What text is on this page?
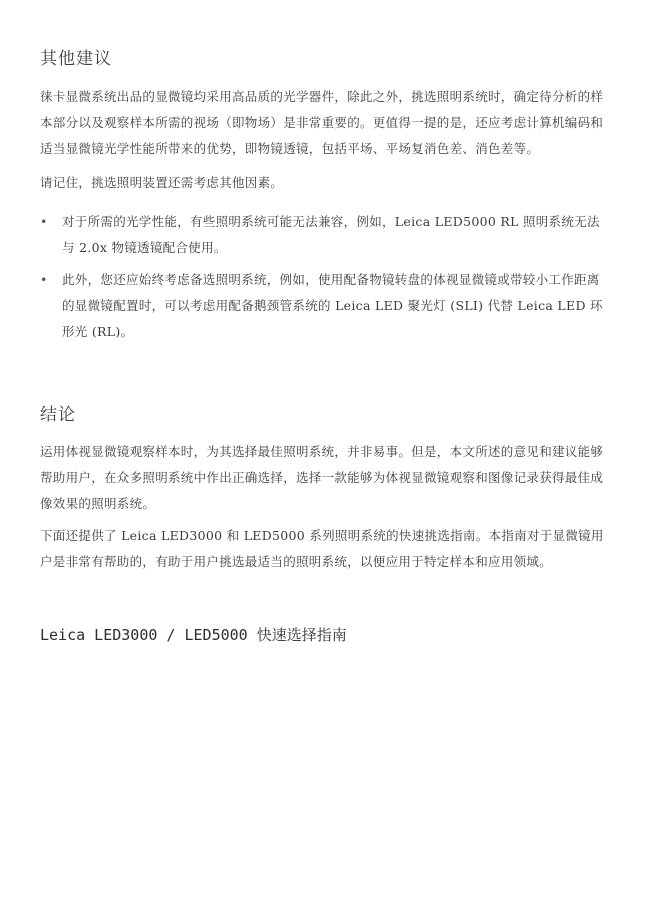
其他建议

徕卡显微系统出品的显微镜均采用高品质的光学器件，除此之外，挑选照明系统时，确定待分析的样本部分以及观察样本所需的视场（即物场）是非常重要的。更值得一提的是，还应考虑计算机编码和适当显微镜光学性能所带来的优势，即物镜透镜，包括平场、平场复消色差、消色差等。

请记住，挑选照明装置还需考虑其他因素。

• 对于所需的光学性能，有些照明系统可能无法兼容，例如，Leica LED5000 RL 照明系统无法与 2.0x 物镜透镜配合使用。
• 此外，您还应始终考虑备选照明系统，例如，使用配备物镜转盘的体视显微镜或带较小工作距离的显微镜配置时，可以考虑用配备鹅颈管系统的 Leica LED 聚光灯 (SLI) 代替 Leica LED 环形光 (RL)。
结论

运用体视显微镜观察样本时，为其选择最佳照明系统，并非易事。但是，本文所述的意见和建议能够帮助用户，在众多照明系统中作出正确选择，选择一款能够为体视显微镜观察和图像记录获得最佳成像效果的照明系统。

下面还提供了 Leica LED3000 和 LED5000 系列照明系统的快速挑选指南。本指南对于显微镜用户是非常有帮助的，有助于用户挑选最适当的照明系统，以便应用于特定样本和应用领域。

Leica LED3000 / LED5000 快速选择指南
